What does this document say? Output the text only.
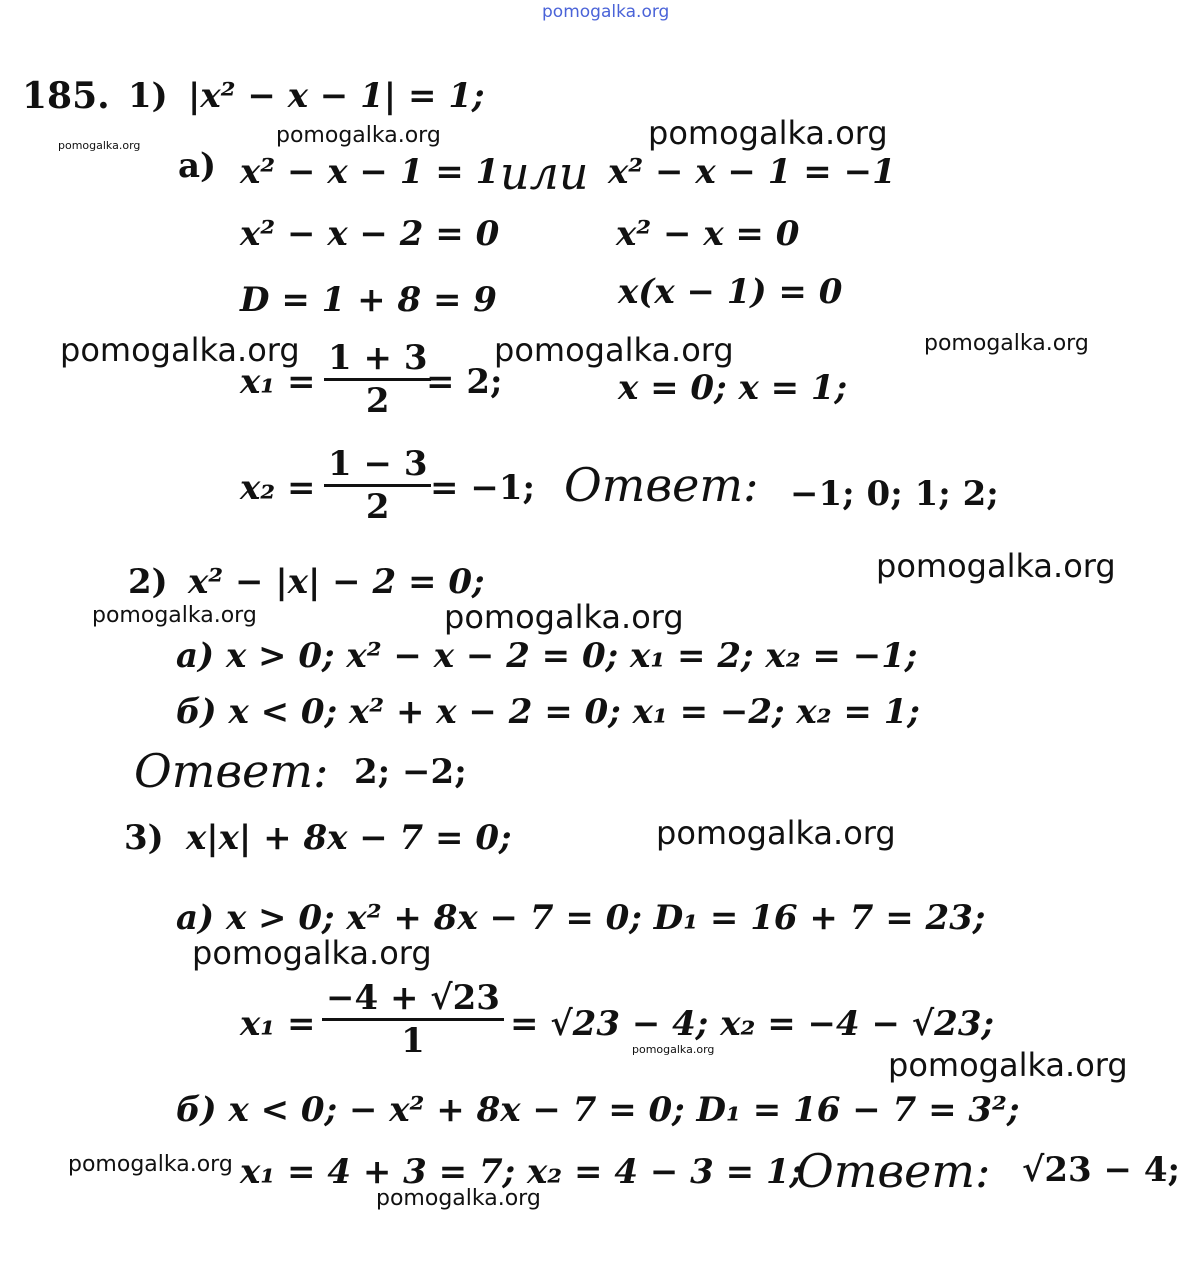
pomogalka.org
pomogalka.org	pomogalka.org	pomogalka.org
pomogalka.org	pomogalka.org	pomogalka.org
pomogalka.org
pomogalka.org	pomogalka.org
pomogalka.org
pomogalka.org
pomogalka.org	pomogalka.org
pomogalka.org
pomogalka.org
185. 1) |x² − x − 1| = 1;
а) x² − x − 1 = 1 или x² − x − 1 = −1
x² − x − 2 = 0	x² − x = 0
D = 1 + 8 = 9	x(x − 1) = 0
$x_1 = \frac{1 + 3}{2}$
= 2;	x = 0; x = 1;
$x_2 = \frac{1 - 3}{2}$
= −1; Ответ: −1; 0; 1; 2;
2) x² − |x| − 2 = 0;
а) x > 0; x² − x − 2 = 0; x₁ = 2; x₂ = −1;
б) x < 0; x² + x − 2 = 0; x₁ = −2; x₂ = 1;
Ответ: 2; −2;
3) x|x| + 8x − 7 = 0;
а) x > 0; x² + 8x − 7 = 0; D₁ = 16 + 7 = 23;
$x_1 = \frac{-4 + √23}{1} = √23 - 4$; x₂ = −4 − √23;
б) x < 0; − x² + 8x − 7 = 0; D₁ = 16 − 7 = 3²;
x₁ = 4 + 3 = 7; x₂ = 4 − 3 = 1;
Ответ: √23 − 4;
